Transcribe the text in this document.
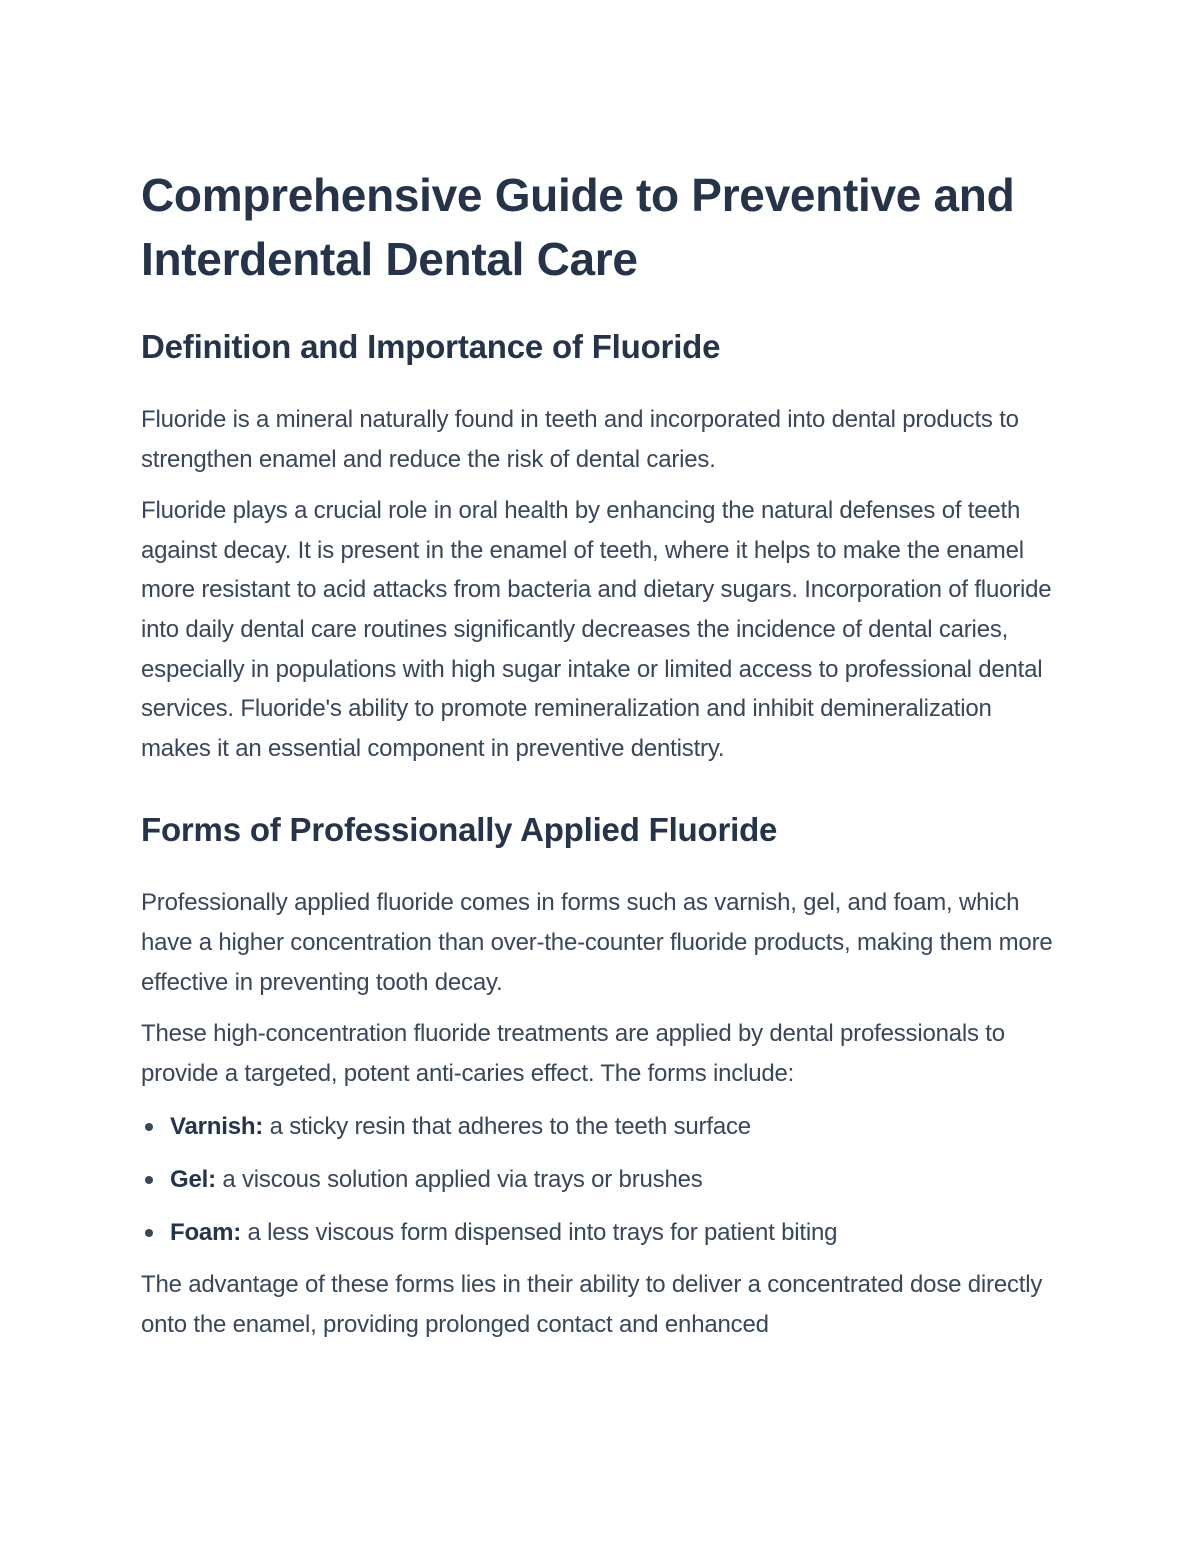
Comprehensive Guide to Preventive and Interdental Dental Care
Definition and Importance of Fluoride

Fluoride is a mineral naturally found in teeth and incorporated into dental products to strengthen enamel and reduce the risk of dental caries.

Fluoride plays a crucial role in oral health by enhancing the natural defenses of teeth against decay. It is present in the enamel of teeth, where it helps to make the enamel more resistant to acid attacks from bacteria and dietary sugars. Incorporation of fluoride into daily dental care routines significantly decreases the incidence of dental caries, especially in populations with high sugar intake or limited access to professional dental services. Fluoride's ability to promote remineralization and inhibit demineralization makes it an essential component in preventive dentistry.

Forms of Professionally Applied Fluoride

Professionally applied fluoride comes in forms such as varnish, gel, and foam, which have a higher concentration than over-the-counter fluoride products, making them more effective in preventing tooth decay.

These high-concentration fluoride treatments are applied by dental professionals to provide a targeted, potent anti-caries effect. The forms include:

Varnish: a sticky resin that adheres to the teeth surface
Gel: a viscous solution applied via trays or brushes
Foam: a less viscous form dispensed into trays for patient biting

The advantage of these forms lies in their ability to deliver a concentrated dose directly onto the enamel, providing prolonged contact and enhanced
